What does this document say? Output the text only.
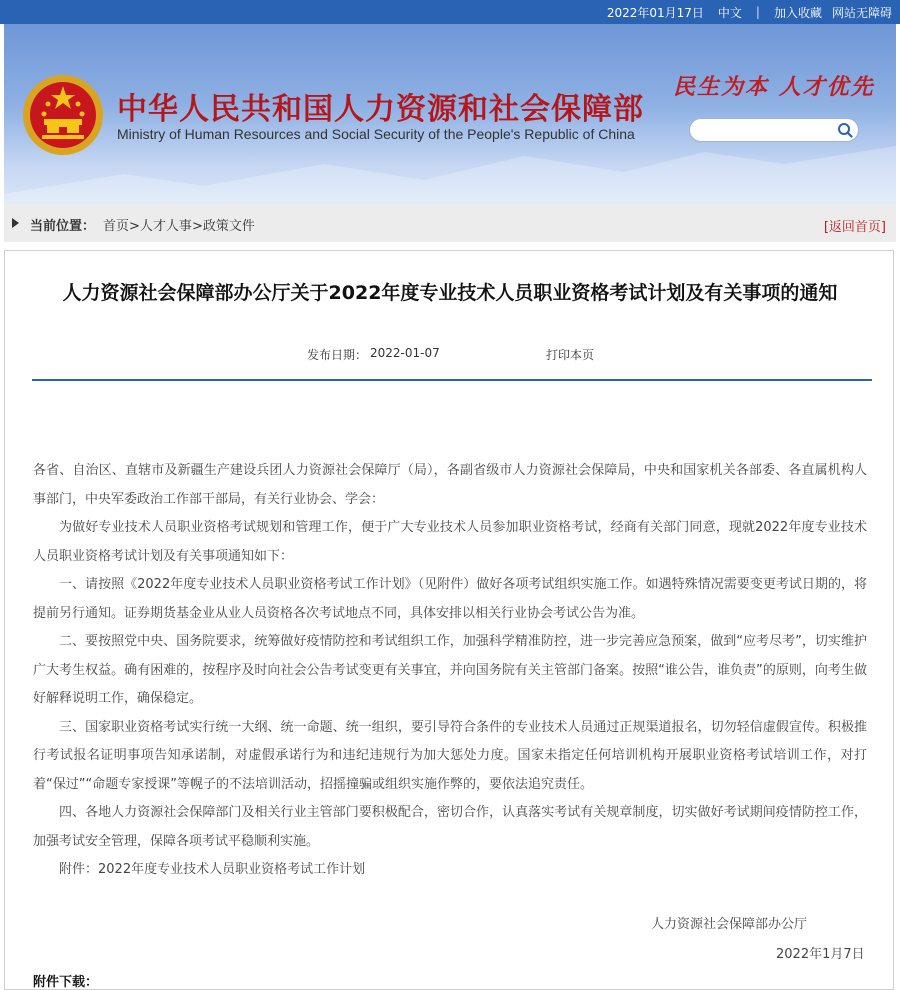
2022年01月17日 中文 | 加入收藏 网站无障碍
中华人民共和国人力资源和社会保障部
Ministry of Human Resources and Social Security of the People's Republic of China
民生为本 人才优先
当前位置： 首页>人才人事>政策文件	[返回首页]
人力资源社会保障部办公厅关于2022年度专业技术人员职业资格考试计划及有关事项的通知
发布日期： 2022-01-07	打印本页

各省、自治区、直辖市及新疆生产建设兵团人力资源社会保障厅（局），各副省级市人力资源社会保障局，中央和国家机关各部委、各直属机构人事部门，中央军委政治工作部干部局，有关行业协会、学会：

为做好专业技术人员职业资格考试规划和管理工作，便于广大专业技术人员参加职业资格考试，经商有关部门同意，现就2022年度专业技术人员职业资格考试计划及有关事项通知如下：

一、请按照《2022年度专业技术人员职业资格考试工作计划》（见附件）做好各项考试组织实施工作。如遇特殊情况需要变更考试日期的，将提前另行通知。证券期货基金业从业人员资格各次考试地点不同，具体安排以相关行业协会考试公告为准。

二、要按照党中央、国务院要求，统筹做好疫情防控和考试组织工作，加强科学精准防控，进一步完善应急预案，做到“应考尽考”，切实维护广大考生权益。确有困难的，按程序及时向社会公告考试变更有关事宜，并向国务院有关主管部门备案。按照“谁公告，谁负责”的原则，向考生做好解释说明工作，确保稳定。

三、国家职业资格考试实行统一大纲、统一命题、统一组织，要引导符合条件的专业技术人员通过正规渠道报名，切勿轻信虚假宣传。积极推行考试报名证明事项告知承诺制，对虚假承诺行为和违纪违规行为加大惩处力度。国家未指定任何培训机构开展职业资格考试培训工作，对打着“保过”“命题专家授课”等幌子的不法培训活动，招摇撞骗或组织实施作弊的，要依法追究责任。

四、各地人力资源社会保障部门及相关行业主管部门要积极配合，密切合作，认真落实考试有关规章制度，切实做好考试期间疫情防控工作，加强考试安全管理，保障各项考试平稳顺利实施。

附件：2022年度专业技术人员职业资格考试工作计划

人力资源社会保障部办公厅
2022年1月7日
附件下载：
